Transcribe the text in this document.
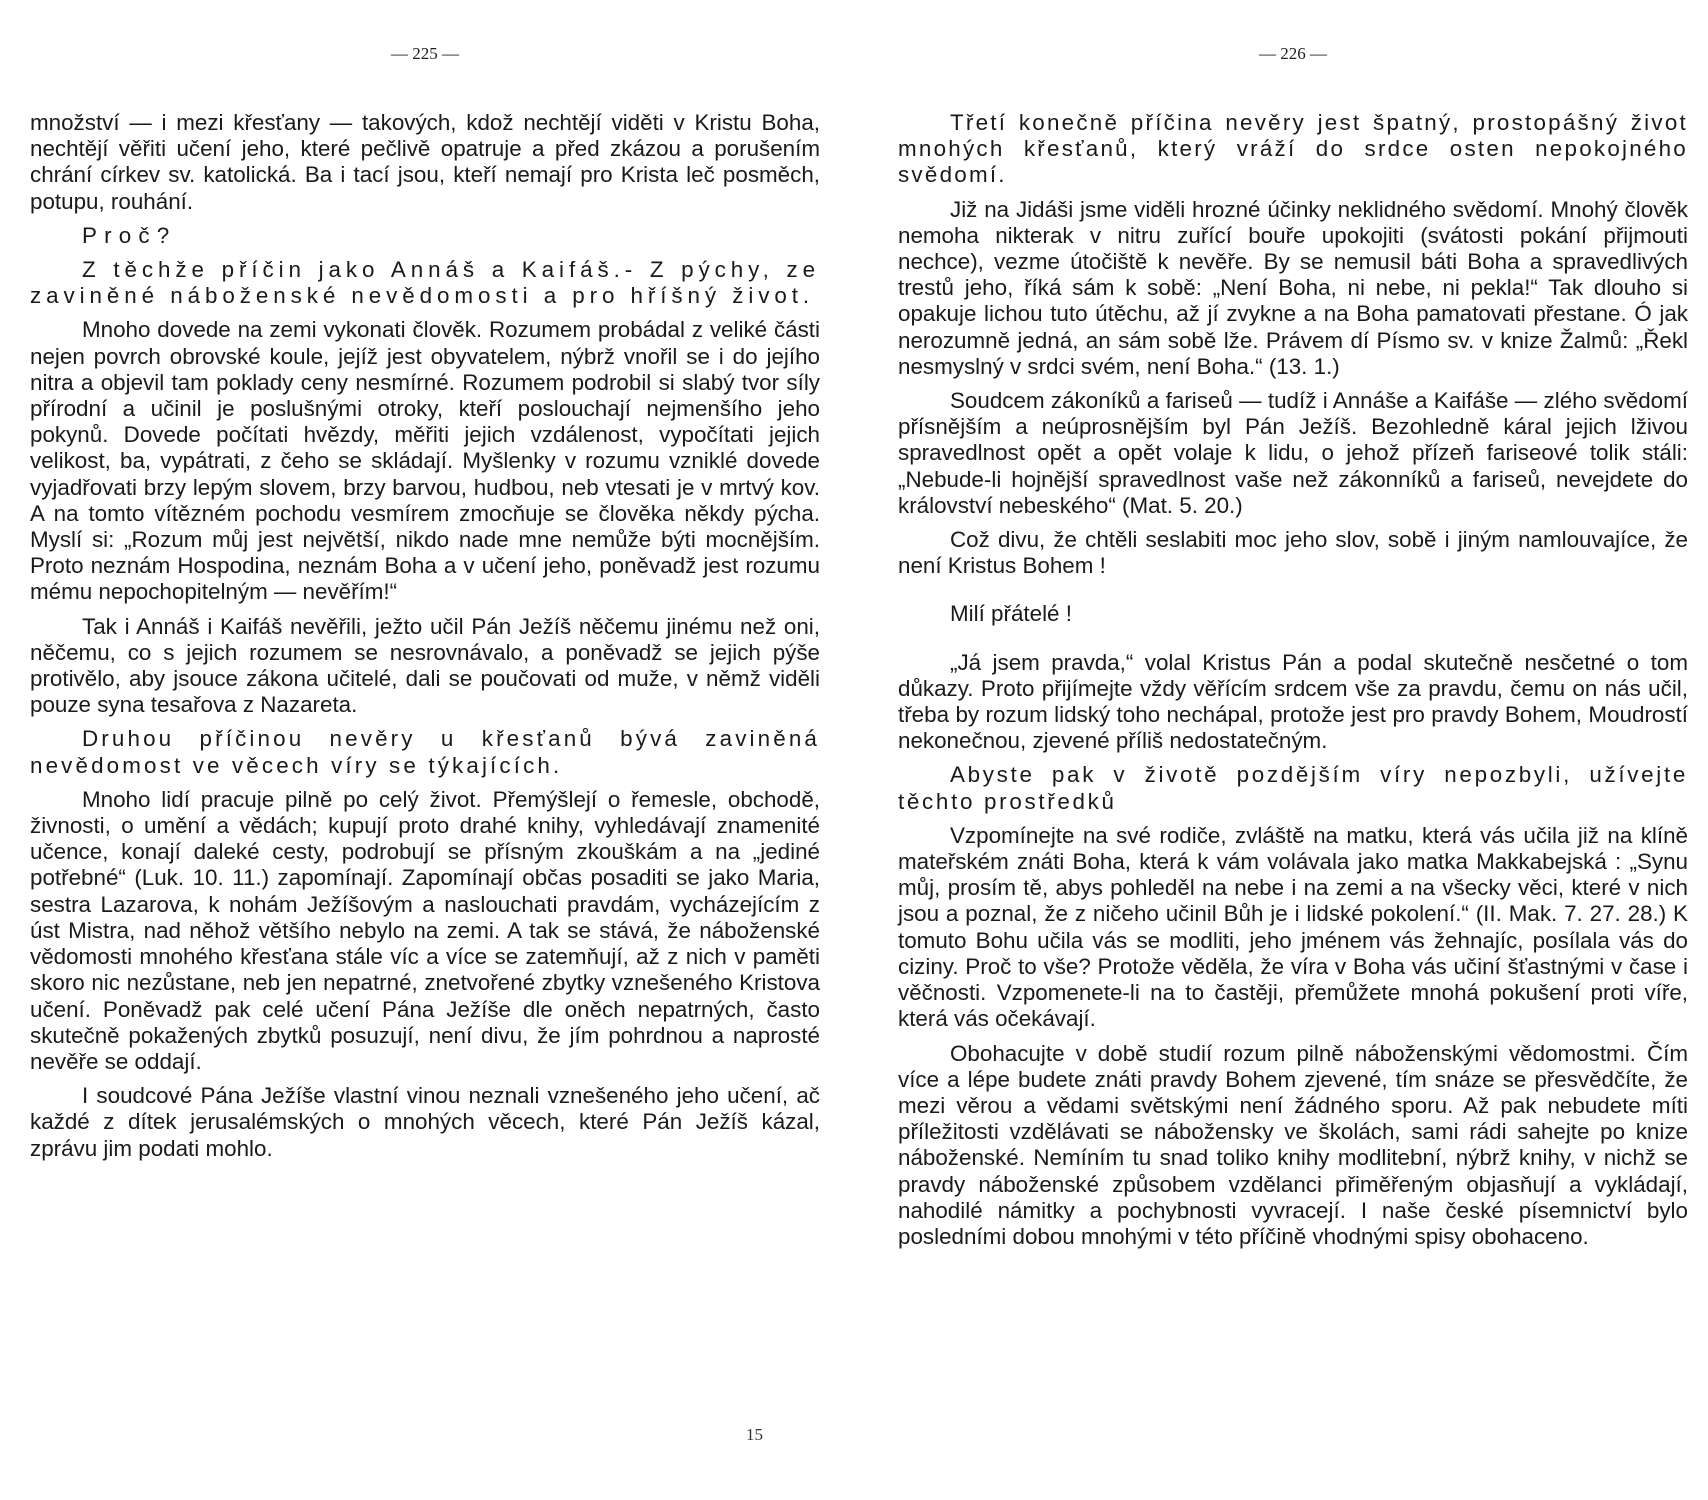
— 225 —

množství — i mezi křesťany — takových, kdož nechtějí viděti v Kristu Boha, nechtějí věřiti učení jeho, které pečlivě opatruje a před zkázou a porušením chrání církev sv. katolická. Ba i tací jsou, kteří nemají pro Krista leč posměch, potupu, rouhání.

Proč?

Z těchže příčin jako Annáš a Kaifáš.- Z pýchy, ze zaviněné náboženské nevědomosti a pro hříšný život.

Mnoho dovede na zemi vykonati člověk. Rozumem probádal z veliké části nejen povrch obrovské koule, jejíž jest obyvatelem, nýbrž vnořil se i do jejího nitra a objevil tam poklady ceny nesmírné. Rozumem podrobil si slabý tvor síly přírodní a učinil je poslušnými otroky, kteří poslouchají nejmenšího jeho pokynů. Dovede počítati hvězdy, měřiti jejich vzdálenost, vypočítati jejich velikost, ba, vypátrati, z čeho se skládají. Myšlenky v rozumu vzniklé dovede vyjadřovati brzy lepým slovem, brzy barvou, hudbou, neb vtesati je v mrtvý kov. A na tomto vítězném pochodu vesmírem zmocňuje se člověka někdy pýcha. Myslí si: „Rozum můj jest největší, nikdo nade mne nemůže býti mocnějším. Proto neznám Hospodina, neznám Boha a v učení jeho, poněvadž jest rozumu mému nepochopitelným — nevěřím!“

Tak i Annáš i Kaifáš nevěřili, ježto učil Pán Ježíš něčemu jinému než oni, něčemu, co s jejich rozumem se nesrovnávalo, a poněvadž se jejich pýše protivělo, aby jsouce zákona učitelé, dali se poučovati od muže, v němž viděli pouze syna tesařova z Nazareta.

Druhou příčinou nevěry u křesťanů bývá zaviněná nevědomost ve věcech víry se týkajících.

Mnoho lidí pracuje pilně po celý život. Přemýšlejí o řemesle, obchodě, živnosti, o umění a vědách; kupují proto drahé knihy, vyhledávají znamenité učence, konají daleké cesty, podrobují se přísným zkouškám a na „jediné potřebné“ (Luk. 10. 11.) zapomínají. Zapomínají občas posaditi se jako Maria, sestra Lazarova, k nohám Ježíšovým a naslouchati pravdám, vycházejícím z úst Mistra, nad něhož většího nebylo na zemi. A tak se stává, že náboženské vědomosti mnohého křesťana stále víc a více se zatemňují, až z nich v paměti skoro nic nezůstane, neb jen nepatrné, znetvořené zbytky vznešeného Kristova učení. Poněvadž pak celé učení Pána Ježíše dle oněch nepatrných, často skutečně pokažených zbytků posuzují, není divu, že jím pohrdnou a naprosté nevěře se oddají.

I soudcové Pána Ježíše vlastní vinou neznali vznešeného jeho učení, ač každé z dítek jerusalémských o mnohých věcech, které Pán Ježíš kázal, zprávu jim podati mohlo.

15
— 226 —

Třetí konečně příčina nevěry jest špatný, prostopášný život mnohých křesťanů, který vráží do srdce osten nepokojného svědomí.

Již na Jidáši jsme viděli hrozné účinky neklidného svědomí. Mnohý člověk nemoha nikterak v nitru zuřící bouře upokojiti (svátosti pokání přijmouti nechce), vezme útočiště k nevěře. By se nemusil báti Boha a spravedlivých trestů jeho, říká sám k sobě: „Není Boha, ni nebe, ni pekla!“ Tak dlouho si opakuje lichou tuto útěchu, až jí zvykne a na Boha pamatovati přestane. Ó jak nerozumně jedná, an sám sobě lže. Právem dí Písmo sv. v knize Žalmů: „Řekl nesmyslný v srdci svém, není Boha.“ (13. 1.)

Soudcem zákoníků a fariseů — tudíž i Annáše a Kaifáše — zlého svědomí přísnějším a neúprosnějším byl Pán Ježíš. Bezohledně káral jejich lživou spravedlnost opět a opět volaje k lidu, o jehož přízeň fariseové tolik stáli: „Nebude-li hojnější spravedlnost vaše než zákonníků a fariseů, nevejdete do království nebeského“ (Mat. 5. 20.)

Což divu, že chtěli seslabiti moc jeho slov, sobě i jiným namlouvajíce, že není Kristus Bohem !

Milí přátelé !

„Já jsem pravda,“ volal Kristus Pán a podal skutečně nesčetné o tom důkazy. Proto přijímejte vždy věřícím srdcem vše za pravdu, čemu on nás učil, třeba by rozum lidský toho nechápal, protože jest pro pravdy Bohem, Moudrostí nekonečnou, zjevené příliš nedostatečným.

Abyste pak v životě pozdějším víry nepozbyli, užívejte těchto prostředků

Vzpomínejte na své rodiče, zvláště na matku, která vás učila již na klíně mateřském znáti Boha, která k vám volávala jako matka Makkabejská : „Synu můj, prosím tě, abys pohleděl na nebe i na zemi a na všecky věci, které v nich jsou a poznal, že z ničeho učinil Bůh je i lidské pokolení.“ (II. Mak. 7. 27. 28.) K tomuto Bohu učila vás se modliti, jeho jménem vás žehnajíc, posílala vás do ciziny. Proč to vše? Protože věděla, že víra v Boha vás učiní šťastnými v čase i věčnosti. Vzpomenete-li na to častěji, přemůžete mnohá pokušení proti víře, která vás očekávají.

Obohacujte v době studií rozum pilně náboženskými vědomostmi. Čím více a lépe budete znáti pravdy Bohem zjevené, tím snáze se přesvědčíte, že mezi věrou a vědami světskými není žádného sporu. Až pak nebudete míti příležitosti vzdělávati se nábožensky ve školách, sami rádi sahejte po knize náboženské. Nemíním tu snad toliko knihy modlitební, nýbrž knihy, v nichž se pravdy náboženské způsobem vzdělanci přiměřeným objasňují a vykládají, nahodilé námitky a pochybnosti vyvracejí. I naše české písemnictví bylo posledními dobou mnohými v této příčině vhodnými spisy obohaceno.
